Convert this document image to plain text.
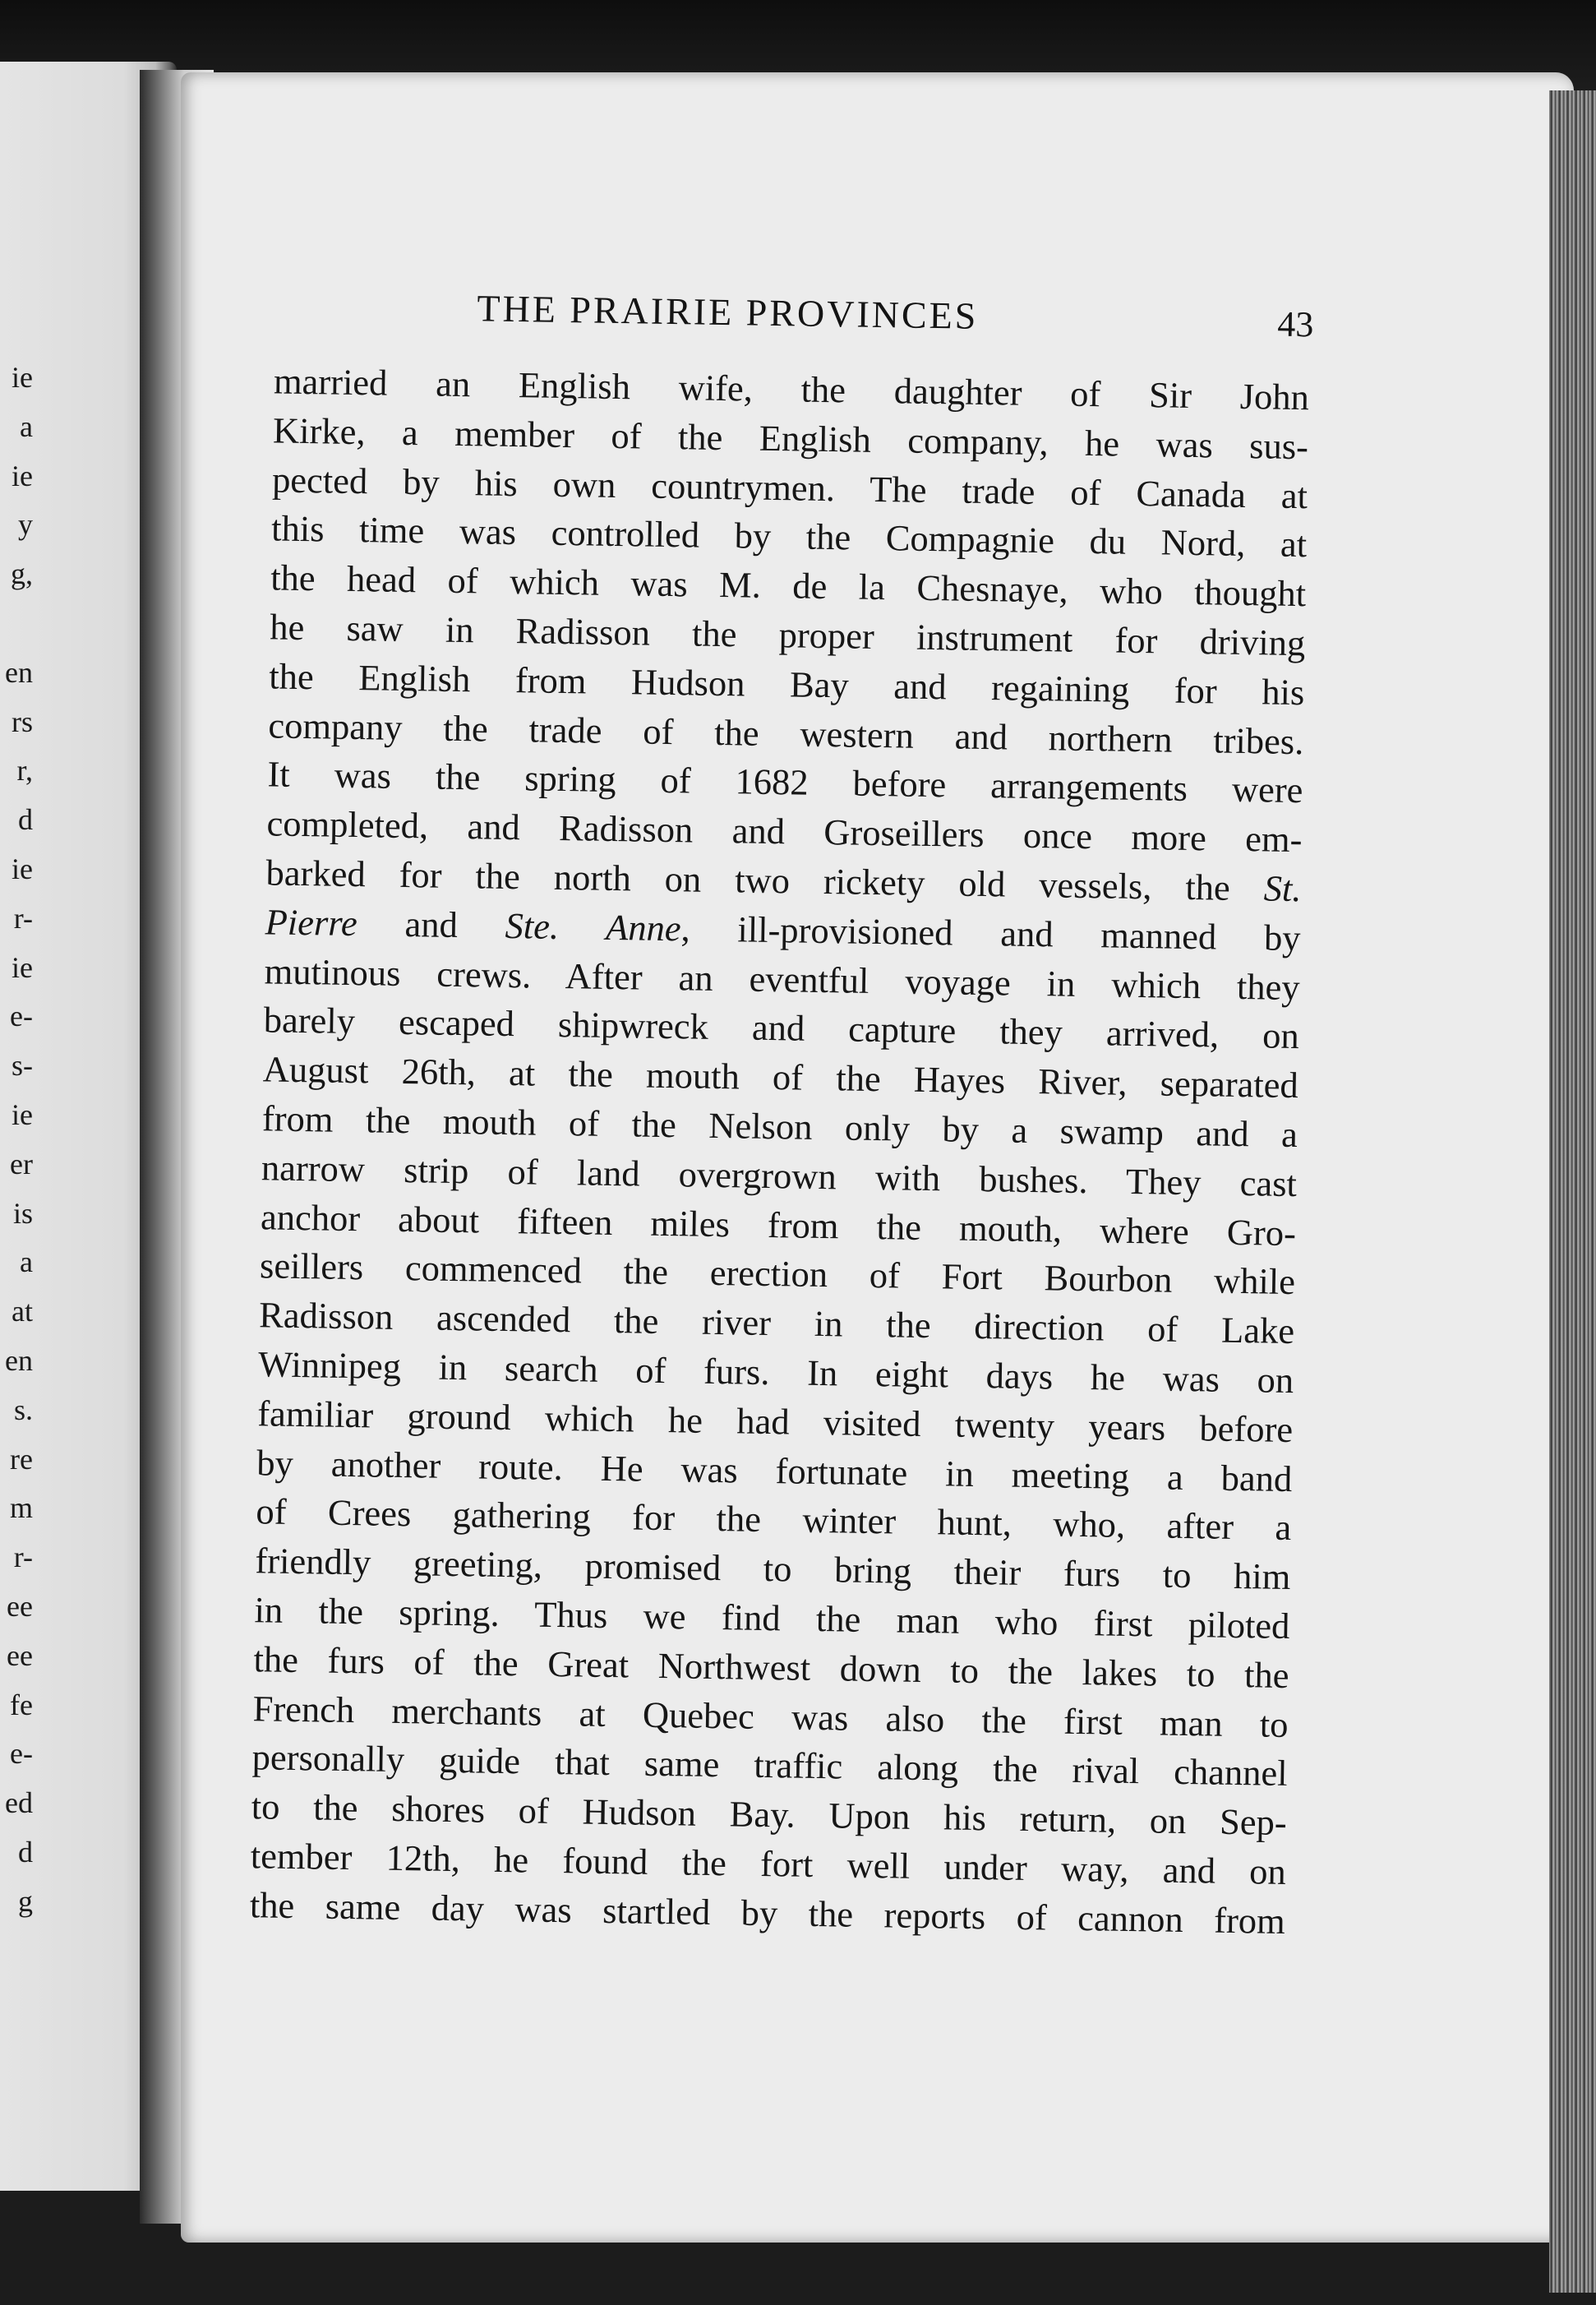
ie
a
ie
y
g,
en
rs
r,
d
ie
r-
ie
e-
s-
ie
er
is
a
at
en
s.
re
m
r-
ee
ee
fe
e-
ed
d
g
THE PRAIRIE PROVINCES	43
married an English wife, the daughter of Sir John
Kirke, a member of the English company, he was sus-
pected by his own countrymen. The trade of Canada at
this time was controlled by the Compagnie du Nord, at
the head of which was M. de la Chesnaye, who thought
he saw in Radisson the proper instrument for driving
the English from Hudson Bay and regaining for his
company the trade of the western and northern tribes.
It was the spring of 1682 before arrangements were
completed, and Radisson and Groseillers once more em-
barked for the north on two rickety old vessels, the St.
Pierre and Ste. Anne, ill-provisioned and manned by
mutinous crews. After an eventful voyage in which they
barely escaped shipwreck and capture they arrived, on
August 26th, at the mouth of the Hayes River, separated
from the mouth of the Nelson only by a swamp and a
narrow strip of land overgrown with bushes. They cast
anchor about fifteen miles from the mouth, where Gro-
seillers commenced the erection of Fort Bourbon while
Radisson ascended the river in the direction of Lake
Winnipeg in search of furs. In eight days he was on
familiar ground which he had visited twenty years before
by another route. He was fortunate in meeting a band
of Crees gathering for the winter hunt, who, after a
friendly greeting, promised to bring their furs to him
in the spring. Thus we find the man who first piloted
the furs of the Great Northwest down to the lakes to the
French merchants at Quebec was also the first man to
personally guide that same traffic along the rival channel
to the shores of Hudson Bay. Upon his return, on Sep-
tember 12th, he found the fort well under way, and on
the same day was startled by the reports of cannon from
